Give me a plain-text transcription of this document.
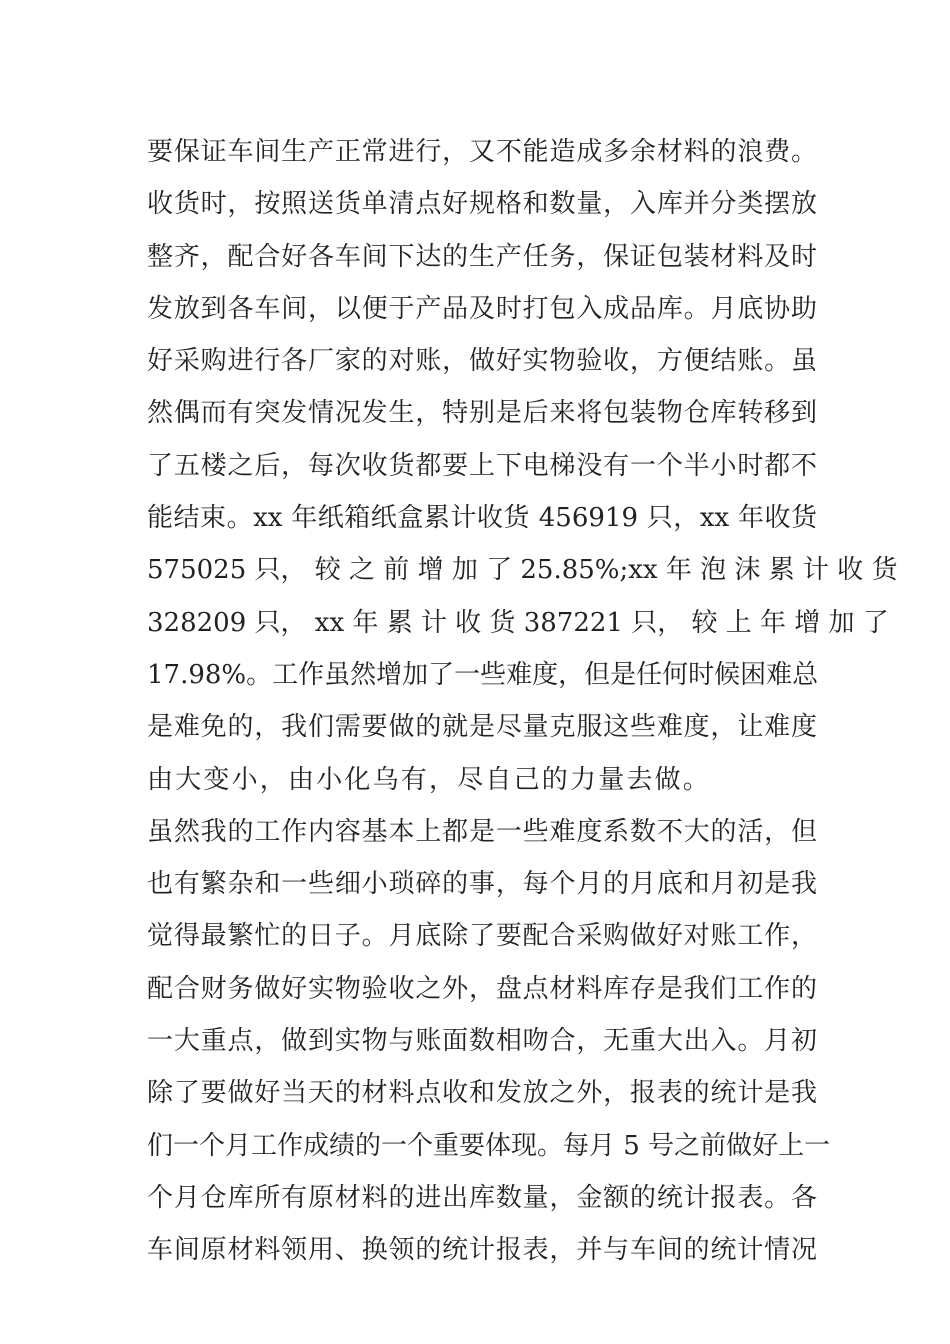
要保证车间生产正常进行，又不能造成多余材料的浪费。
收货时，按照送货单清点好规格和数量，入库并分类摆放
整齐，配合好各车间下达的生产任务，保证包装材料及时
发放到各车间，以便于产品及时打包入成品库。月底协助
好采购进行各厂家的对账，做好实物验收，方便结账。虽
然偶而有突发情况发生，特别是后来将包装物仓库转移到
了五楼之后，每次收货都要上下电梯没有一个半小时都不
能结束。xx 年纸箱纸盒累计收货 456919 只，xx 年收货
575025 只， 较 之 前 增 加 了 25.85%;xx 年 泡 沫 累 计 收 货
328209 只， xx 年 累 计 收 货 387221 只， 较 上 年 增 加 了
17.98%。工作虽然增加了一些难度，但是任何时候困难总
是难免的，我们需要做的就是尽量克服这些难度，让难度
由大变小，由小化乌有，尽自己的力量去做。
虽然我的工作内容基本上都是一些难度系数不大的活，但
也有繁杂和一些细小琐碎的事，每个月的月底和月初是我
觉得最繁忙的日子。月底除了要配合采购做好对账工作，
配合财务做好实物验收之外，盘点材料库存是我们工作的
一大重点，做到实物与账面数相吻合，无重大出入。月初
除了要做好当天的材料点收和发放之外，报表的统计是我
们一个月工作成绩的一个重要体现。每月 5 号之前做好上一
个月仓库所有原材料的进出库数量，金额的统计报表。各
车间原材料领用、换领的统计报表，并与车间的统计情况
